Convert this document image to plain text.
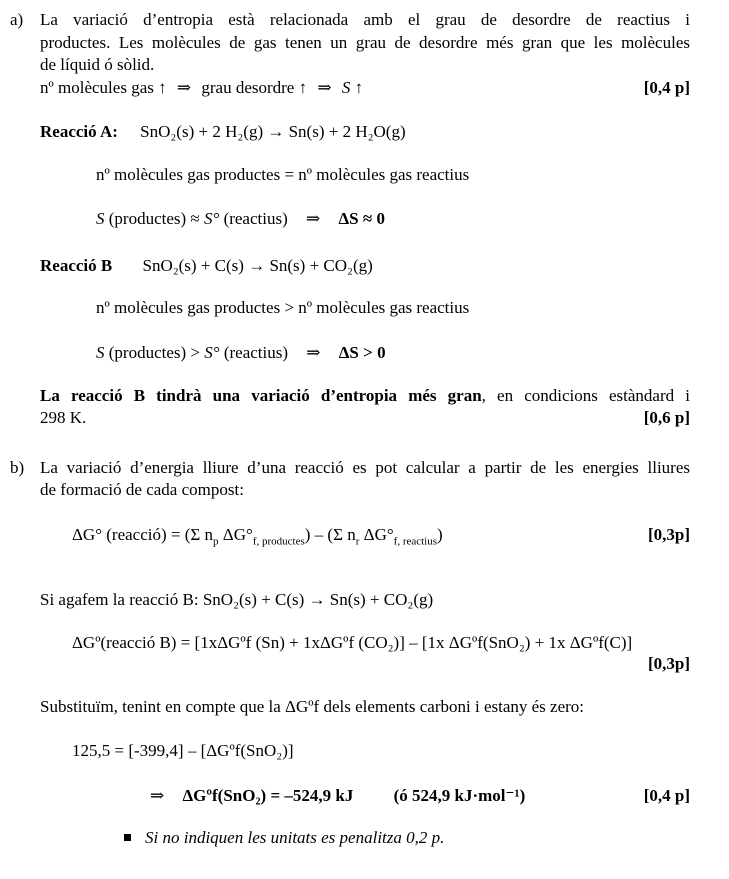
a) La variació d’entropia està relacionada amb el grau de desordre de reactius i
productes. Les molècules de gas tenen un grau de desordre més gran que les molècules
de líquid ó sòlid.
nº molècules gas ↑ ⇒ grau desordre ↑ ⇒ S ↑	[0,4 p]
Reacció A: SnO₂(s) + 2 H₂(g) → Sn(s) + 2 H₂O(g)
nº molècules gas productes = nº molècules gas reactius
S (productes) ≈ S° (reactius) ⇒ ΔS ≈ 0
Reacció B SnO₂(s) + C(s) → Sn(s) + CO₂(g)
nº molècules gas productes > nº molècules gas reactius
S (productes) > S° (reactius) ⇒ ΔS > 0
La reacció B tindrà una variació d’entropia més gran, en condicions estàndard i
298 K.	[0,6 p]
b) La variació d’energia lliure d’una reacció es pot calcular a partir de les energies lliures
de formació de cada compost:
ΔG° (reacció) = (Σ $n_p$ $\Delta G^\circ_{f, productes}) - (\Sigma$ $n_r$ $\Delta G^\circ_{f, reactius}$)	[0,3p]
Si agafem la reacció B: SnO₂(s) + C(s) → Sn(s) + CO₂(g)
ΔGº(reacció B) = [1xΔGºf (Sn) + 1xΔGºf (CO₂)] – [1x ΔGºf(SnO₂) + 1x ΔGºf(C)]
[0,3p]
Substituïm, tenint en compte que la ΔGºf dels elements carboni i estany és zero:
125,5 = [-399,4] – [ΔGºf(SnO₂)]
⇒ ΔGºf(SnO₂) = –524,9 kJ (ó 524,9 kJ·mol⁻¹)	[0,4 p]
Si no indiquen les unitats es penalitza 0,2 p.
